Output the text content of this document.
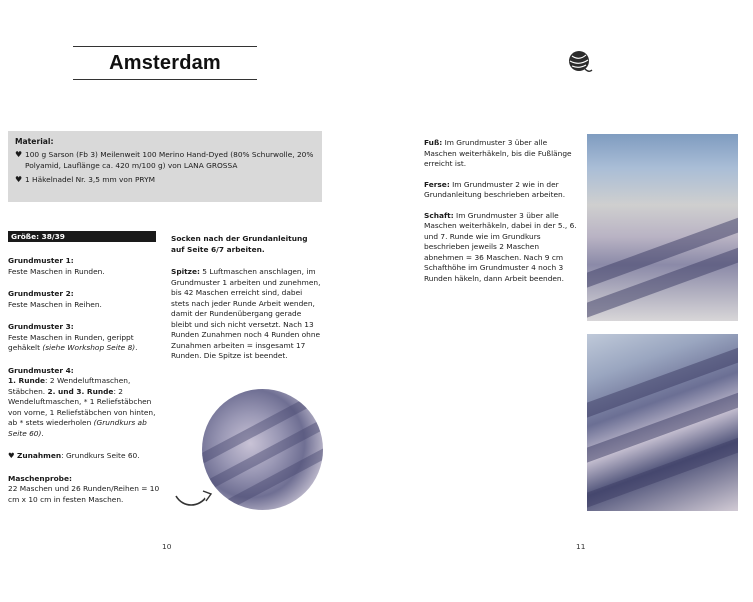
Amsterdam
Material:
♥ 100 g Sarson (Fb 3) Meilenweit 100 Merino Hand-Dyed (80% Schurwolle, 20% Polyamid, Lauflänge ca. 420 m/100 g) von LANA GROSSA
♥ 1 Häkelnadel Nr. 3,5 mm von PRYM
Größe: 38/39
Grundmuster 1:
Feste Maschen in Runden.
Grundmuster 2:
Feste Maschen in Reihen.
Grundmuster 3:
Feste Maschen in Runden, gerippt gehäkelt (siehe Workshop Seite 8).
Grundmuster 4:
1. Runde: 2 Wendeluftmaschen, Stäbchen. 2. und 3. Runde: 2 Wendeluftmaschen, * 1 Reliefstäbchen von vorne, 1 Reliefstäbchen von hinten, ab * stets wiederholen (Grundkurs ab Seite 60).
♥ Zunahmen: Grundkurs Seite 60.
Maschenprobe:
22 Maschen und 26 Runden/Reihen = 10 cm x 10 cm in festen Maschen.
Socken nach der Grundanleitung auf Seite 6/7 arbeiten.
Spitze: 5 Luftmaschen anschlagen, im Grundmuster 1 arbeiten und zunehmen, bis 42 Maschen erreicht sind, dabei stets nach jeder Runde Arbeit wenden, damit der Rundenübergang gerade bleibt und sich nicht versetzt. Nach 13 Runden Zunahmen noch 4 Runden ohne Zunahmen arbeiten = insgesamt 17 Runden. Die Spitze ist beendet.
10
Fuß: Im Grundmuster 3 über alle Maschen weiterhäkeln, bis die Fußlänge erreicht ist.
Ferse: Im Grundmuster 2 wie in der Grundanleitung beschrieben arbeiten.
Schaft: Im Grundmuster 3 über alle Maschen weiterhäkeln, dabei in der 5., 6. und 7. Runde wie im Grundkurs beschrieben jeweils 2 Maschen abnehmen = 36 Maschen. Nach 9 cm Schafthöhe im Grundmuster 4 noch 3 Runden häkeln, dann Arbeit beenden.
11
